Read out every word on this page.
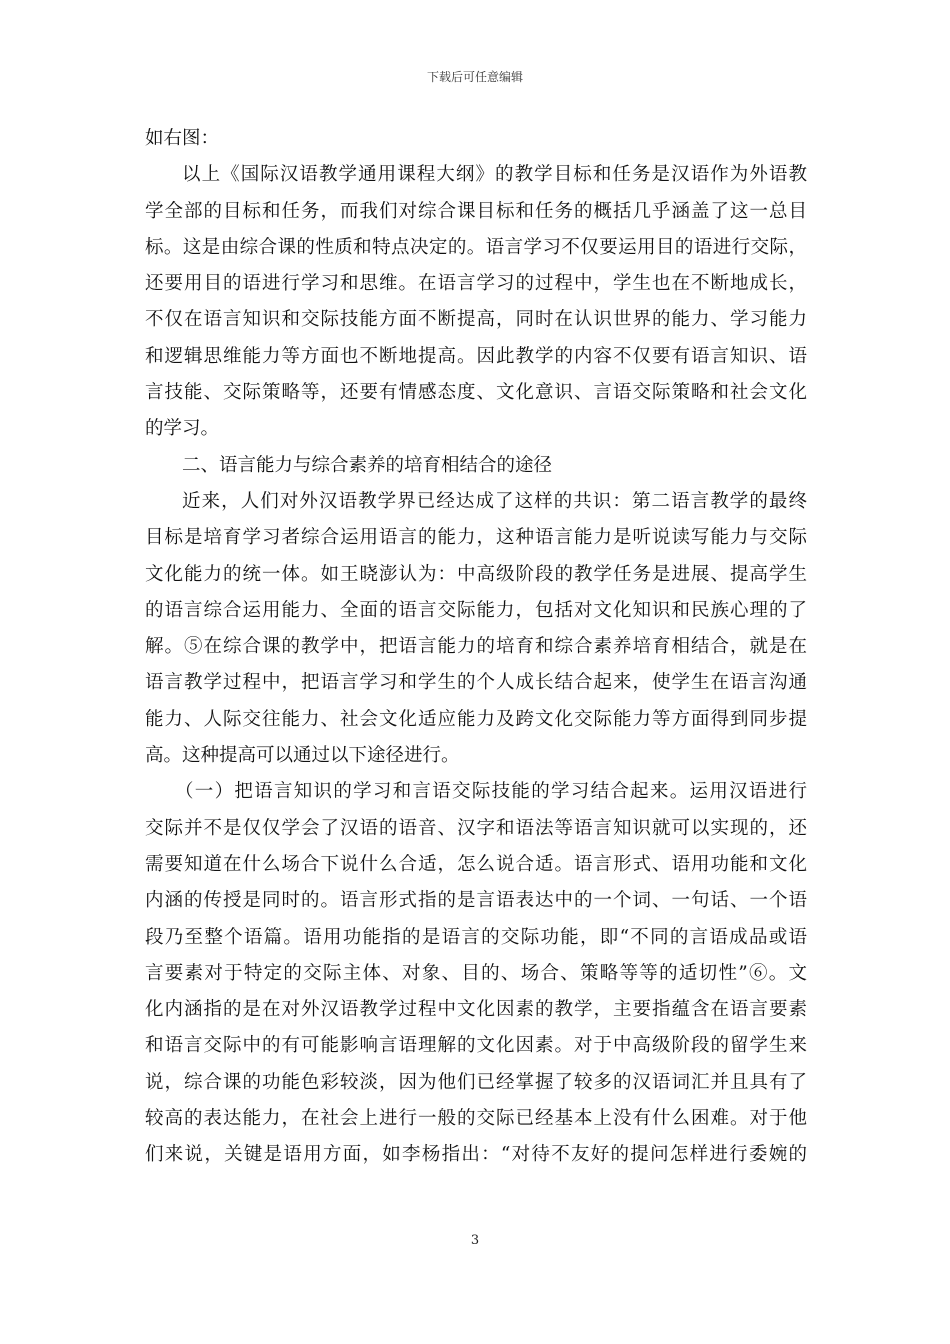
下载后可任意编辑
如右图：
以上《国际汉语教学通用课程大纲》的教学目标和任务是汉语作为外语教
学全部的目标和任务，而我们对综合课目标和任务的概括几乎涵盖了这一总目
标。这是由综合课的性质和特点决定的。语言学习不仅要运用目的语进行交际，
还要用目的语进行学习和思维。在语言学习的过程中，学生也在不断地成长，
不仅在语言知识和交际技能方面不断提高，同时在认识世界的能力、学习能力
和逻辑思维能力等方面也不断地提高。因此教学的内容不仅要有语言知识、语
言技能、交际策略等，还要有情感态度、文化意识、言语交际策略和社会文化
的学习。
二、语言能力与综合素养的培育相结合的途径
近来，人们对外汉语教学界已经达成了这样的共识：第二语言教学的最终
目标是培育学习者综合运用语言的能力，这种语言能力是听说读写能力与交际
文化能力的统一体。如王晓澎认为：中高级阶段的教学任务是进展、提高学生
的语言综合运用能力、全面的语言交际能力，包括对文化知识和民族心理的了
解。⑤在综合课的教学中，把语言能力的培育和综合素养培育相结合，就是在
语言教学过程中，把语言学习和学生的个人成长结合起来，使学生在语言沟通
能力、人际交往能力、社会文化适应能力及跨文化交际能力等方面得到同步提
高。这种提高可以通过以下途径进行。
（一）把语言知识的学习和言语交际技能的学习结合起来。运用汉语进行
交际并不是仅仅学会了汉语的语音、汉字和语法等语言知识就可以实现的，还
需要知道在什么场合下说什么合适，怎么说合适。语言形式、语用功能和文化
内涵的传授是同时的。语言形式指的是言语表达中的一个词、一句话、一个语
段乃至整个语篇。语用功能指的是语言的交际功能，即“不同的言语成品或语
言要素对于特定的交际主体、对象、目的、场合、策略等等的适切性”⑥。文
化内涵指的是在对外汉语教学过程中文化因素的教学，主要指蕴含在语言要素
和语言交际中的有可能影响言语理解的文化因素。对于中高级阶段的留学生来
说，综合课的功能色彩较淡，因为他们已经掌握了较多的汉语词汇并且具有了
较高的表达能力，在社会上进行一般的交际已经基本上没有什么困难。对于他
们来说，关键是语用方面，如李杨指出：“对待不友好的提问怎样进行委婉的
3
